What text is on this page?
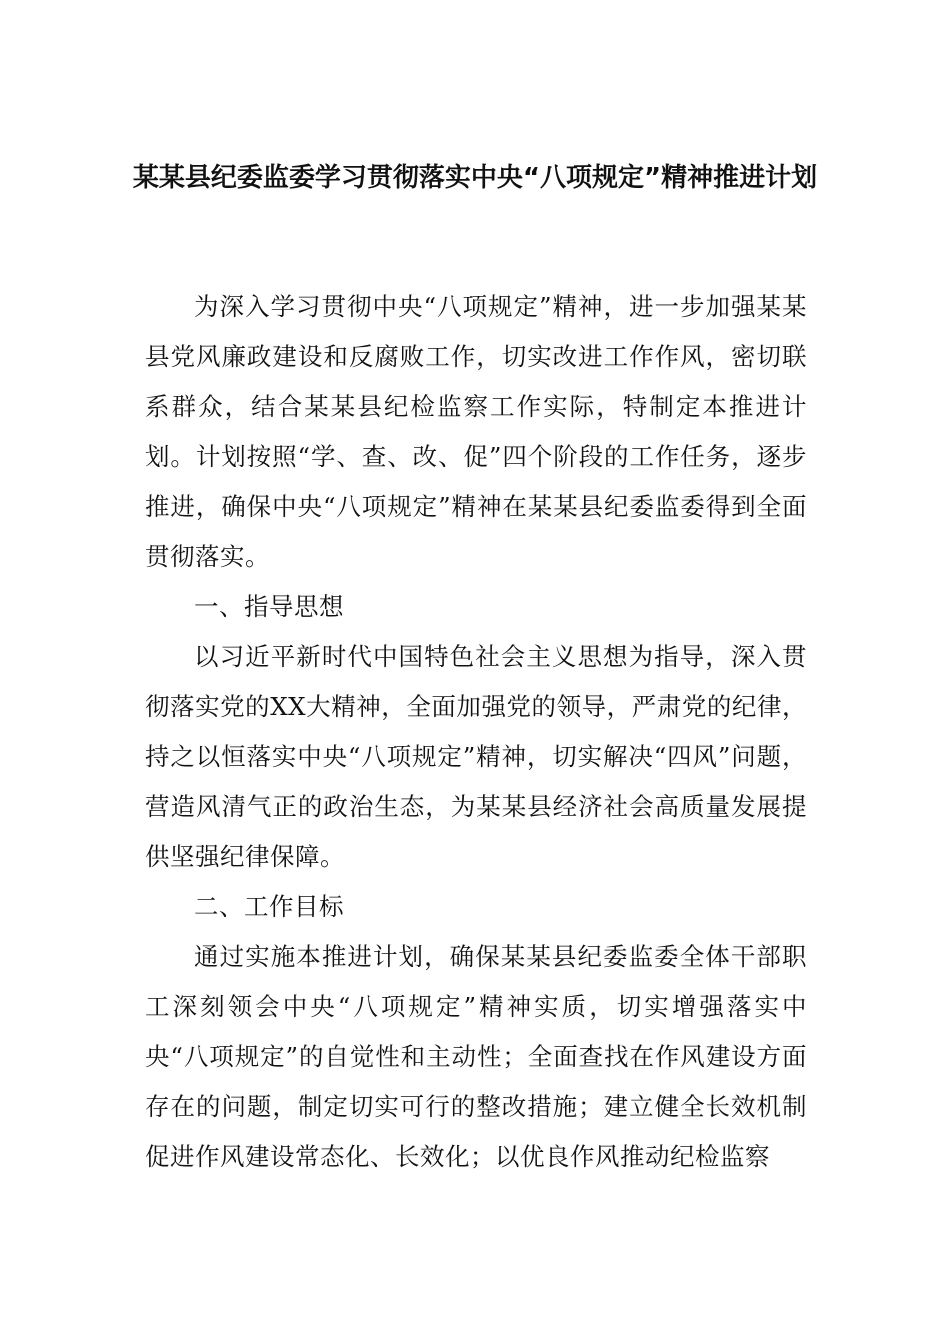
某某县纪委监委学习贯彻落实中央“八项规定”精神推进计划

为深入学习贯彻中央“八项规定”精神，进一步加强某某县党风廉政建设和反腐败工作，切实改进工作作风，密切联系群众，结合某某县纪检监察工作实际，特制定本推进计划。计划按照“学、查、改、促”四个阶段的工作任务，逐步推进，确保中央“八项规定”精神在某某县纪委监委得到全面贯彻落实。

一、指导思想

以习近平新时代中国特色社会主义思想为指导，深入贯彻落实党的XX大精神，全面加强党的领导，严肃党的纪律，持之以恒落实中央“八项规定”精神，切实解决“四风”问题，营造风清气正的政治生态，为某某县经济社会高质量发展提供坚强纪律保障。

二、工作目标

通过实施本推进计划，确保某某县纪委监委全体干部职工深刻领会中央“八项规定”精神实质，切实增强落实中央“八项规定”的自觉性和主动性；全面查找在作风建设方面存在的问题，制定切实可行的整改措施；建立健全长效机制促进作风建设常态化、长效化；以优良作风推动纪检监察
